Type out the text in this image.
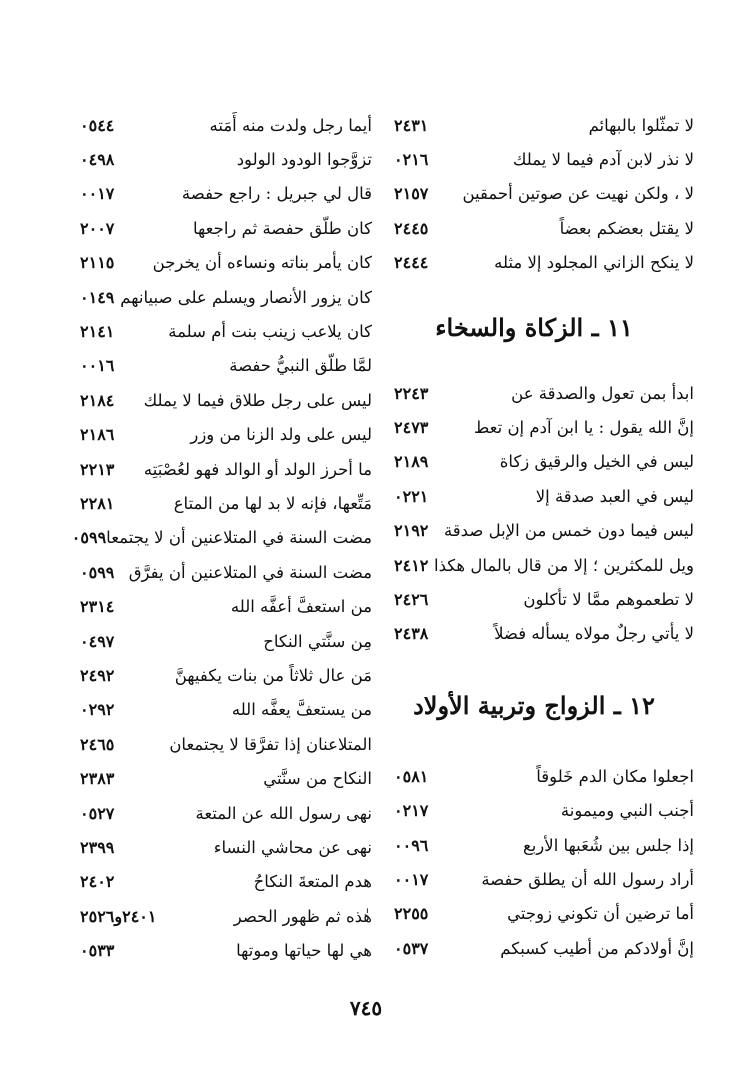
لا تمثّلوا بالبهائم
٢٤٣١
لا نذر لابن آدم فيما لا يملك
٠٢١٦
لا ، ولكن نهيت عن صوتين أحمقين
٢١٥٧
لا يقتل بعضكم بعضاً
٢٤٤٥
لا ينكح الزاني المجلود إلا مثله
٢٤٤٤
١١ ـ الزكاة والسخاء
ابدأ بمن تعول والصدقة عن
٢٢٤٣
إنَّ الله يقول : يا ابن آدم إن تعط
٢٤٧٣
ليس في الخيل والرقيق زكاة
٢١٨٩
ليس في العبد صدقة إلا
٠٢٢١
ليس فيما دون خمس من الإبل صدقة
٢١٩٢
ويل للمكثرين ؛ إلا من قال بالمال هكذا
٢٤١٢
لا تطعموهم ممَّا لا تأكلون
٢٤٢٦
لا يأتي رجلٌ مولاه يسأله فضلاً
٢٤٣٨
١٢ ـ الزواج وتربية الأولاد
اجعلوا مكان الدم خَلوقاً
٠٥٨١
أجنب النبي وميمونة
٠٢١٧
إذا جلس بين شُعَبها الأربع
٠٠٩٦
أراد رسول الله أن يطلق حفصة
٠٠١٧
أما ترضين أن تكوني زوجتي
٢٢٥٥
إنَّ أولادكم من أطيب كسبكم
٠٥٣٧
أيما رجل ولدت منه أَمَته
٠٥٤٤
تزوَّجوا الودود الولود
٠٤٩٨
قال لي جبريل : راجع حفصة
٠٠١٧
كان طلّق حفصة ثم راجعها
٢٠٠٧
كان يأمر بناته ونساءه أن يخرجن
٢١١٥
كان يزور الأنصار ويسلم على صبيانهم
٠١٤٩
كان يلاعب زينب بنت أم سلمة
٢١٤١
لمَّا طلّق النبيُّ حفصة
٠٠١٦
ليس على رجل طلاق فيما لا يملك
٢١٨٤
ليس على ولد الزنا من وزر
٢١٨٦
ما أحرز الولد أو الوالد فهو لعُصْبَتِه
٢٢١٣
مَتِّعها، فإنه لا بد لها من المتاع
٢٢٨١
مضت السنة في المتلاعنين أن لا يجتمعا
٠٥٩٩
مضت السنة في المتلاعنين أن يفرَّق
٠٥٩٩
من استعفَّ أعفَّه الله
٢٣١٤
مِن سنَّتي النكاح
٠٤٩٧
مَن عال ثلاثاً من بنات يكفيهنَّ
٢٤٩٢
من يستعفَّ يعفَّه الله
٠٢٩٢
المتلاعنان إذا تفرَّقا لا يجتمعان
٢٤٦٥
النكاح من سنَّتي
٢٣٨٣
نهى رسول الله عن المتعة
٠٥٢٧
نهى عن محاشي النساء
٢٣٩٩
هدم المتعةَ النكاحُ
٢٤٠٢
هٰذه ثم ظهور الحصر
٢٤٠١و٢٥٢٦
هي لها حياتها وموتها
٠٥٣٣
٧٤٥
